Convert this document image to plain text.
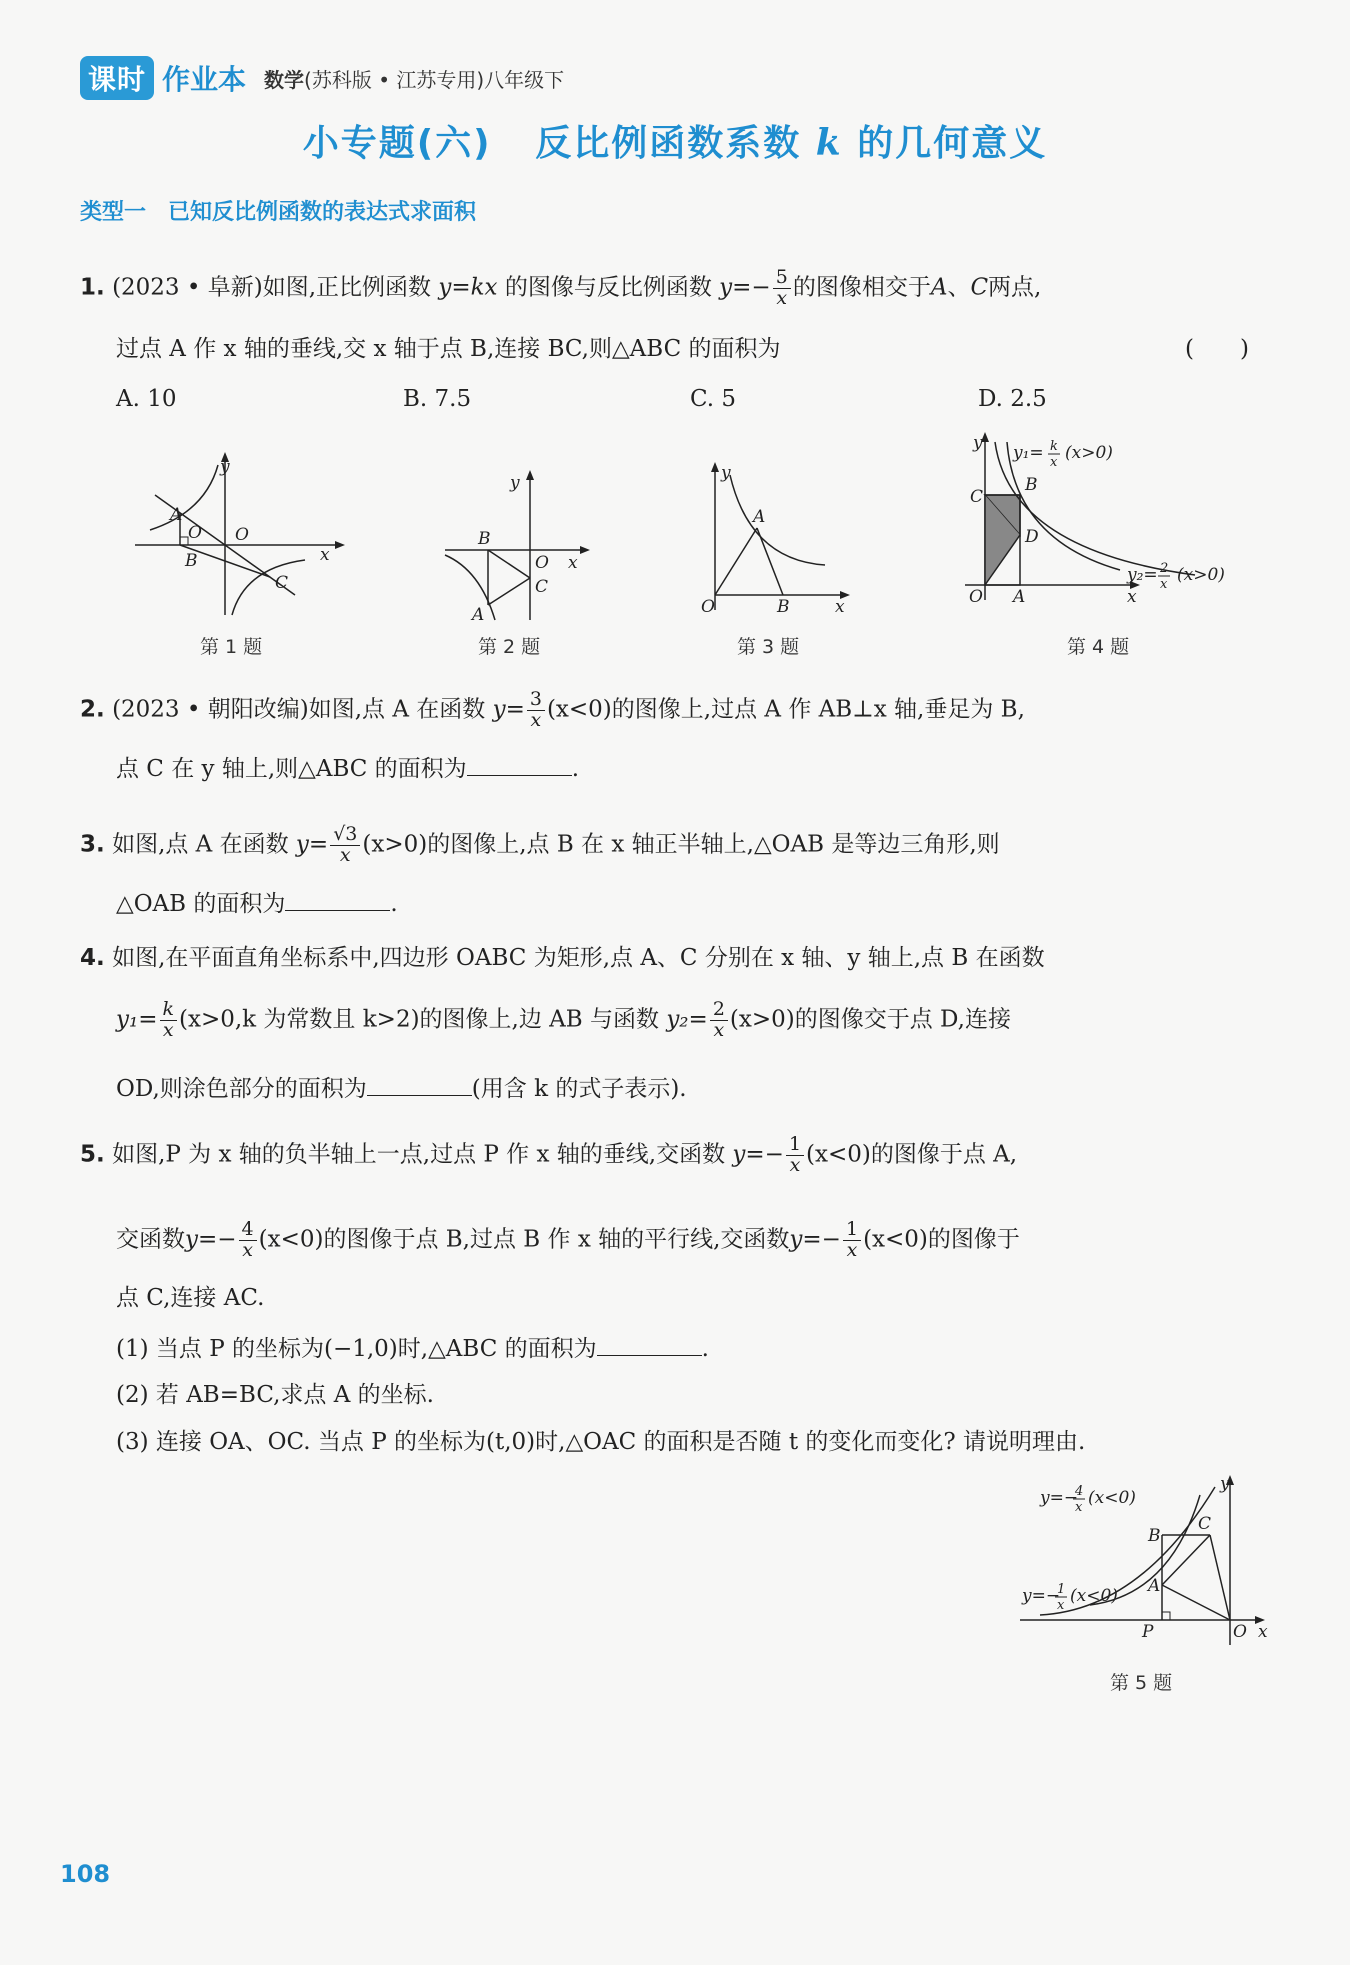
课时 作业本 数学(苏科版 • 江苏专用)八年级下
小专题(六) 反比例函数系数 k 的几何意义
类型一　已知反比例函数的表达式求面积
1. (2023 • 阜新)如图,正比例函数 y=kx 的图像与反比例函数 $y=- \frac{5}{x}$ 的图像相交于A、C两点,
过点 A 作 x 轴的垂线,交 x 轴于点 B,连接 BC,则△ABC 的面积为	(　　)
A. 10	B. 7.5	C. 5	D. 2.5
A
O O
B
C
y
x
第 1 题
B
O
C
A
y
x
第 2 题
A
O	B
y
x
第 3 题
C
B
D
O A
y
x
y₁= k
x (x>0)
y₂= 2
x (x>0)
第 4 题
2. (2023 • 朝阳改编)如图,点 A 在函数 $y= \frac{3}{x} (x<0)$的图像上,过点 A 作 AB⊥x 轴,垂足为 B,
点 C 在 y 轴上,则△ABC 的面积为	.
3. 如图,点 A 在函数 $y= \frac{√3}{x} (x>0)$的图像上,点 B 在 x 轴正半轴上,△OAB 是等边三角形,则
△OAB 的面积为	.
4. 如图,在平面直角坐标系中,四边形 OABC 为矩形,点 A、C 分别在 x 轴、y 轴上,点 B 在函数
$y_1= \frac{k}{x} (x>0,k$ 为常数且 k>2)的图像上,边 AB 与函数 $y_2= \frac{2}{x} (x>0)$的图像交于点 D,连接
OD,则涂色部分的面积为	(用含 k 的式子表示).
5. 如图,P 为 x 轴的负半轴上一点,过点 P 作 x 轴的垂线,交函数 $y=- \frac{1}{x} (x<0)$的图像于点 A,
交函数$y=- \frac{4}{x} (x<0)$的图像于点 B,过点 B 作 x 轴的平行线,交函数$y=- \frac{1}{x} (x<0)$的图像于
点 C,连接 AC.
(1) 当点 P 的坐标为(−1,0)时,△ABC 的面积为	.
(2) 若 AB=BC,求点 A 的坐标.
(3) 连接 OA、OC. 当点 P 的坐标为(t,0)时,△OAC 的面积是否随 t 的变化而变化? 请说明理由.
B
C
A
P	O
y
x
y=−
4
x (x<0)
y=−
1
x (x<0)
第 5 题
108
